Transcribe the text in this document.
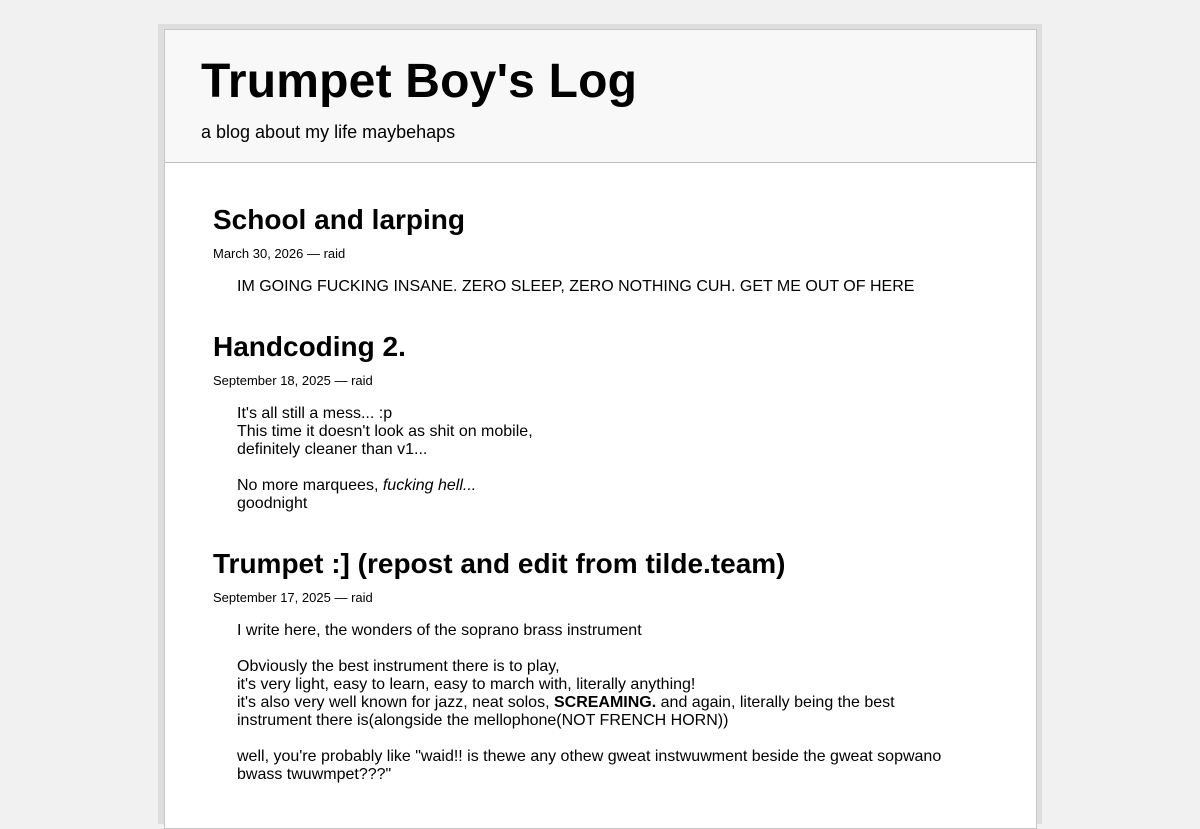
Trumpet Boy's Log

a blog about my life maybehaps

School and larping
March 30, 2026 — raid
IM GOING FUCKING INSANE. ZERO SLEEP, ZERO NOTHING CUH. GET ME OUT OF HERE
Handcoding 2.
September 18, 2025 — raid
It's all still a mess... :p
This time it doesn't look as shit on mobile,
definitely cleaner than v1...
No more marquees, fucking hell...
goodnight
Trumpet :] (repost and edit from tilde.team)
September 17, 2025 — raid
I write here, the wonders of the soprano brass instrument
Obviously the best instrument there is to play,
it's very light, easy to learn, easy to march with, literally anything!
it's also very well known for jazz, neat solos, SCREAMING. and again, literally being the best instrument there is(alongside the mellophone(NOT FRENCH HORN))
well, you're probably like "waid!! is thewe any othew gweat instwuwment beside the gweat sopwano bwass twuwmpet???"
